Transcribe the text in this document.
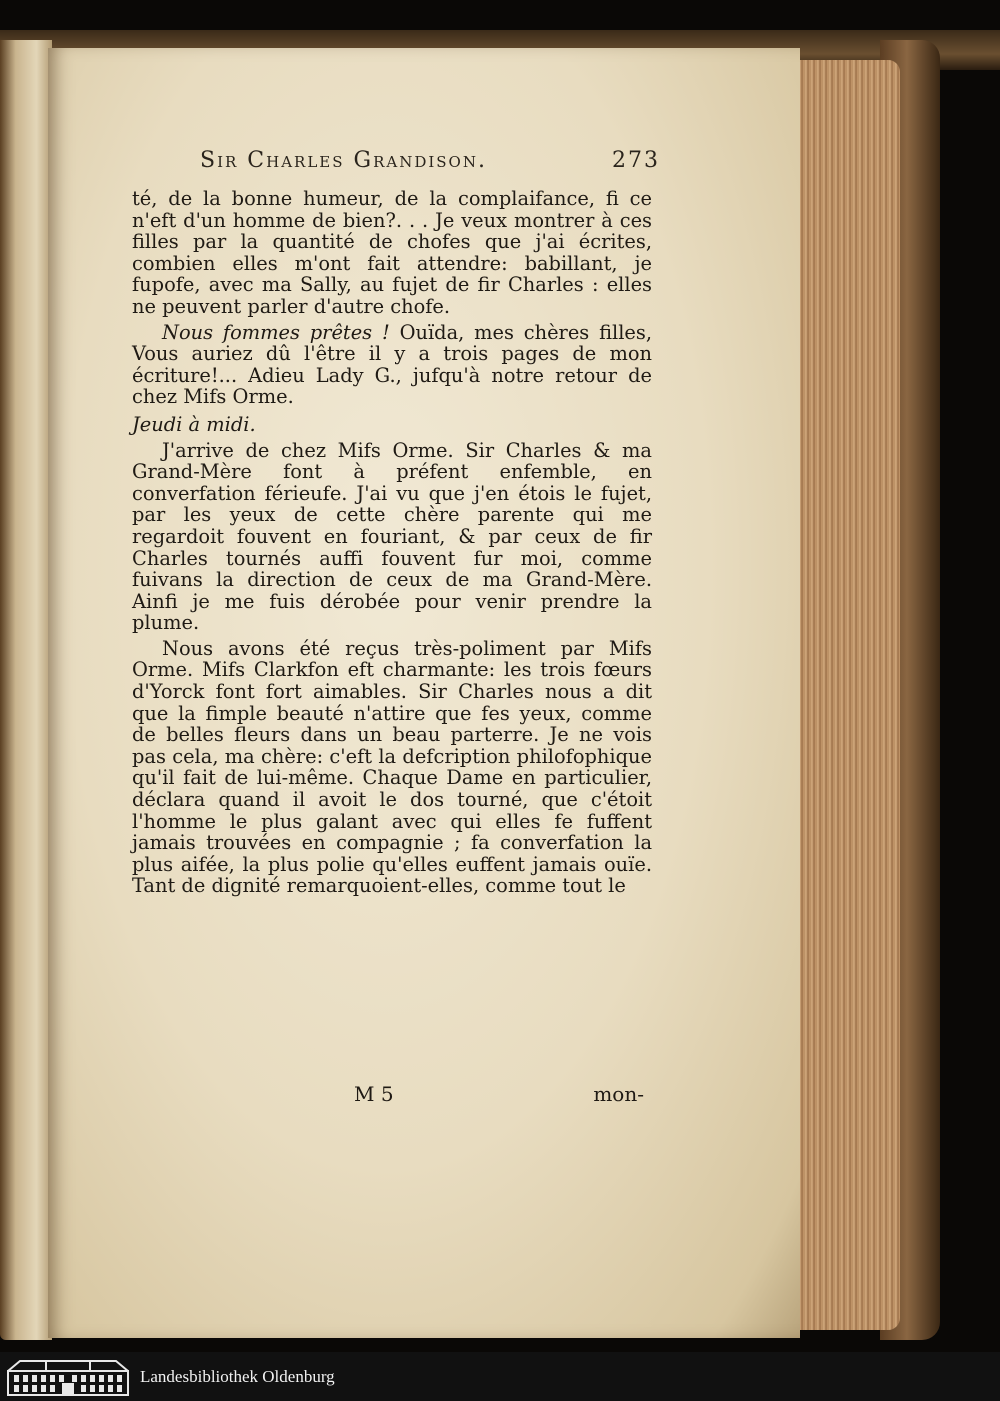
Sir Charles Grandison.	273

té, de la bonne humeur, de la complaifance, fi ce n'eft d'un homme de bien?. . . Je veux montrer à ces filles par la quantité de chofes que j'ai écrites, combien elles m'ont fait attendre: babillant, je fupofe, avec ma Sally, au fujet de fir Charles : elles ne peuvent parler d'autre chofe.

Nous fommes prêtes ! Ouïda, mes chères filles, Vous auriez dû l'être il y a trois pages de mon écriture!... Adieu Lady G., jufqu'à notre retour de chez Mifs Orme.

Jeudi à midi.

J'arrive de chez Mifs Orme. Sir Charles & ma Grand-Mère font à préfent enfemble, en converfation férieufe. J'ai vu que j'en étois le fujet, par les yeux de cette chère parente qui me regardoit fouvent en fouriant, & par ceux de fir Charles tournés auffi fouvent fur moi, comme fuivans la direction de ceux de ma Grand-Mère. Ainfi je me fuis dérobée pour venir prendre la plume.

Nous avons été reçus très-poliment par Mifs Orme. Mifs Clarkfon eft charmante: les trois fœurs d'Yorck font fort aimables. Sir Charles nous a dit que la fimple beauté n'attire que fes yeux, comme de belles fleurs dans un beau parterre. Je ne vois pas cela, ma chère: c'eft la defcription philofophique qu'il fait de lui-même. Chaque Dame en particulier, déclara quand il avoit le dos tourné, que c'étoit l'homme le plus galant avec qui elles fe fuffent jamais trouvées en compagnie ; fa converfation la plus aifée, la plus polie qu'elles euffent jamais ouïe. Tant de dignité remarquoient-elles, comme tout le

M 5	mon-
Landesbibliothek Oldenburg
